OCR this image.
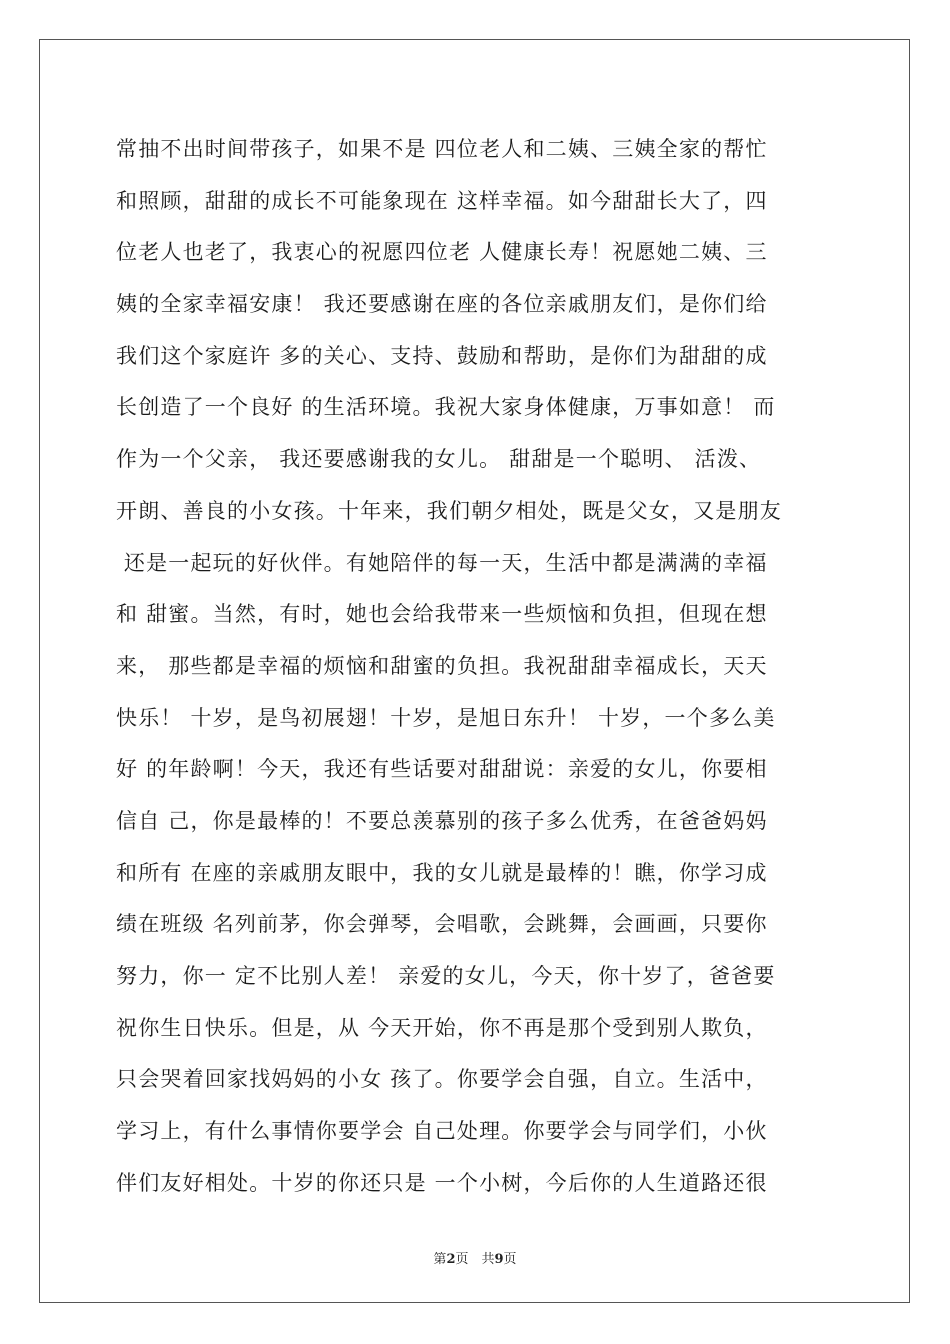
常抽不出时间带孩子，如果不是 四位老人和二姨、三姨全家的帮忙

和照顾，甜甜的成长不可能象现在 这样幸福。如今甜甜长大了，四

位老人也老了，我衷心的祝愿四位老 人健康长寿！祝愿她二姨、三

姨的全家幸福安康！ 我还要感谢在座的各位亲戚朋友们，是你们给

我们这个家庭许 多的关心、支持、鼓励和帮助，是你们为甜甜的成

长创造了一个良好 的生活环境。我祝大家身体健康，万事如意！ 而

作为一个父亲， 我还要感谢我的女儿。 甜甜是一个聪明、 活泼、

开朗、善良的小女孩。十年来，我们朝夕相处，既是父女，又是朋友

还是一起玩的好伙伴。有她陪伴的每一天，生活中都是满满的幸福

和 甜蜜。当然，有时，她也会给我带来一些烦恼和负担，但现在想

来， 那些都是幸福的烦恼和甜蜜的负担。我祝甜甜幸福成长，天天

快乐！ 十岁，是鸟初展翅！十岁，是旭日东升！ 十岁，一个多么美

好 的年龄啊！今天，我还有些话要对甜甜说：亲爱的女儿，你要相

信自 己，你是最棒的！不要总羡慕别的孩子多么优秀，在爸爸妈妈

和所有 在座的亲戚朋友眼中，我的女儿就是最棒的！瞧，你学习成

绩在班级 名列前茅，你会弹琴，会唱歌，会跳舞，会画画，只要你

努力，你一 定不比别人差！ 亲爱的女儿，今天，你十岁了，爸爸要

祝你生日快乐。但是，从 今天开始，你不再是那个受到别人欺负，

只会哭着回家找妈妈的小女 孩了。你要学会自强，自立。生活中，

学习上，有什么事情你要学会 自己处理。你要学会与同学们，小伙

伴们友好相处。十岁的你还只是 一个小树，今后你的人生道路还很

第2页　共9页
